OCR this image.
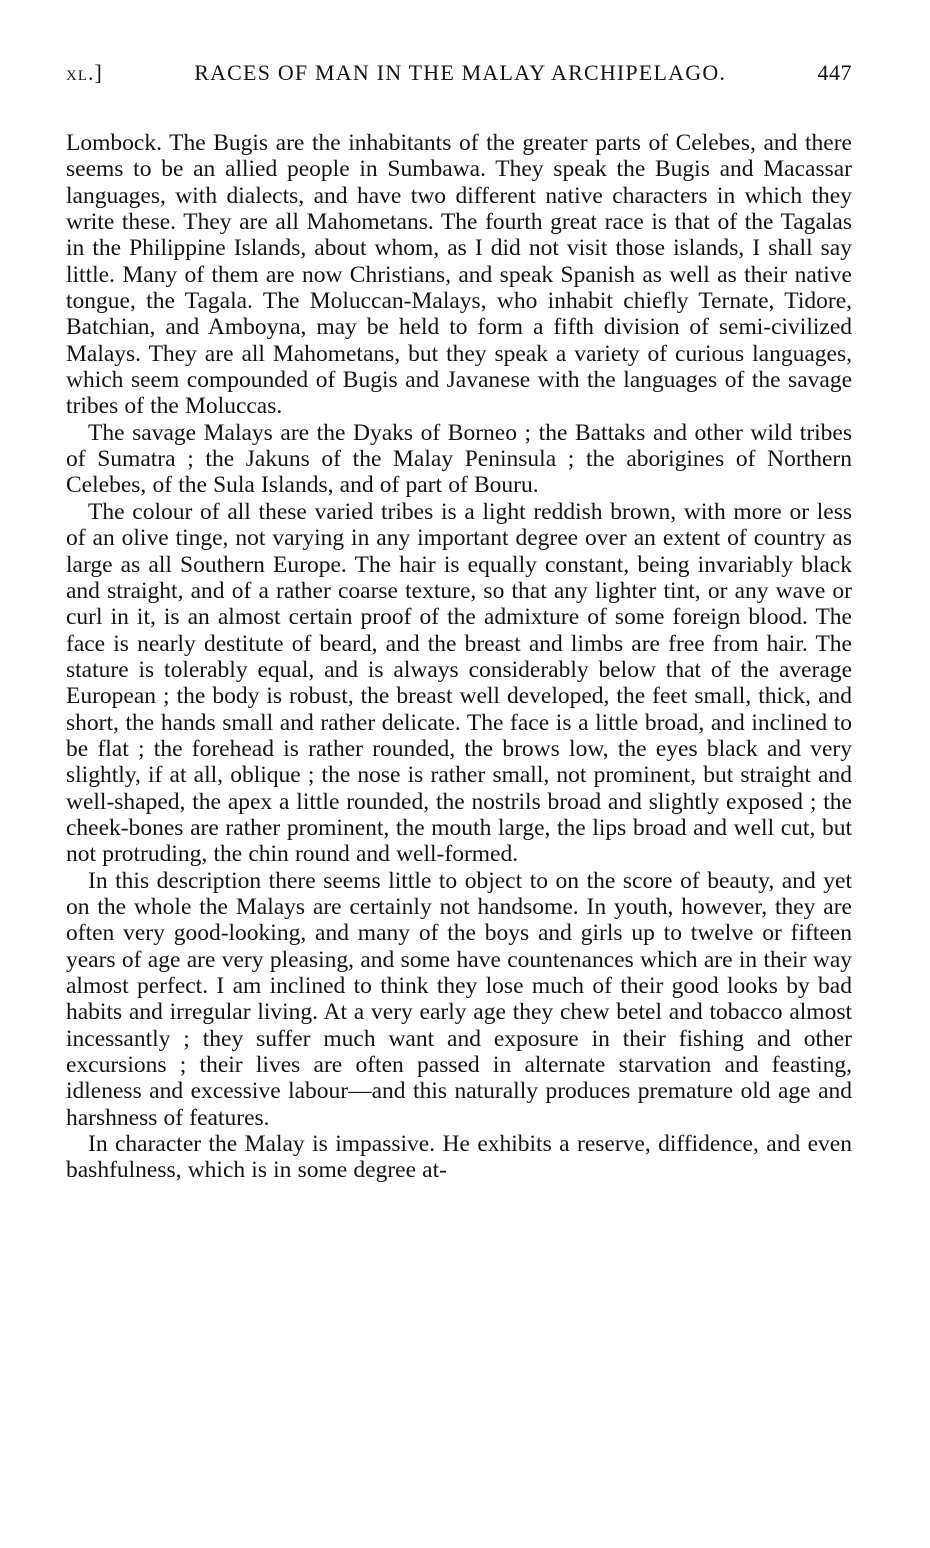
xl.]	RACES OF MAN IN THE MALAY ARCHIPELAGO.	447

Lombock. The Bugis are the inhabitants of the greater parts of Celebes, and there seems to be an allied people in Sumbawa. They speak the Bugis and Macassar languages, with dialects, and have two different native characters in which they write these. They are all Mahometans. The fourth great race is that of the Tagalas in the Philippine Islands, about whom, as I did not visit those islands, I shall say little. Many of them are now Christians, and speak Spanish as well as their native tongue, the Tagala. The Moluccan-Malays, who inhabit chiefly Ternate, Tidore, Batchian, and Amboyna, may be held to form a fifth division of semi-civilized Malays. They are all Mahometans, but they speak a variety of curious languages, which seem compounded of Bugis and Javanese with the languages of the savage tribes of the Moluccas.

The savage Malays are the Dyaks of Borneo ; the Battaks and other wild tribes of Sumatra ; the Jakuns of the Malay Peninsula ; the aborigines of Northern Celebes, of the Sula Islands, and of part of Bouru.

The colour of all these varied tribes is a light reddish brown, with more or less of an olive tinge, not varying in any important degree over an extent of country as large as all Southern Europe. The hair is equally constant, being invariably black and straight, and of a rather coarse texture, so that any lighter tint, or any wave or curl in it, is an almost certain proof of the admixture of some foreign blood. The face is nearly destitute of beard, and the breast and limbs are free from hair. The stature is tolerably equal, and is always considerably below that of the average European ; the body is robust, the breast well developed, the feet small, thick, and short, the hands small and rather delicate. The face is a little broad, and inclined to be flat ; the forehead is rather rounded, the brows low, the eyes black and very slightly, if at all, oblique ; the nose is rather small, not prominent, but straight and well-shaped, the apex a little rounded, the nostrils broad and slightly exposed ; the cheek-bones are rather prominent, the mouth large, the lips broad and well cut, but not protruding, the chin round and well-formed.

In this description there seems little to object to on the score of beauty, and yet on the whole the Malays are certainly not handsome. In youth, however, they are often very good-looking, and many of the boys and girls up to twelve or fifteen years of age are very pleasing, and some have countenances which are in their way almost perfect. I am inclined to think they lose much of their good looks by bad habits and irregular living. At a very early age they chew betel and tobacco almost incessantly ; they suffer much want and exposure in their fishing and other excursions ; their lives are often passed in alternate starvation and feasting, idleness and excessive labour—and this naturally produces premature old age and harshness of features.

In character the Malay is impassive. He exhibits a reserve, diffidence, and even bashfulness, which is in some degree at-
